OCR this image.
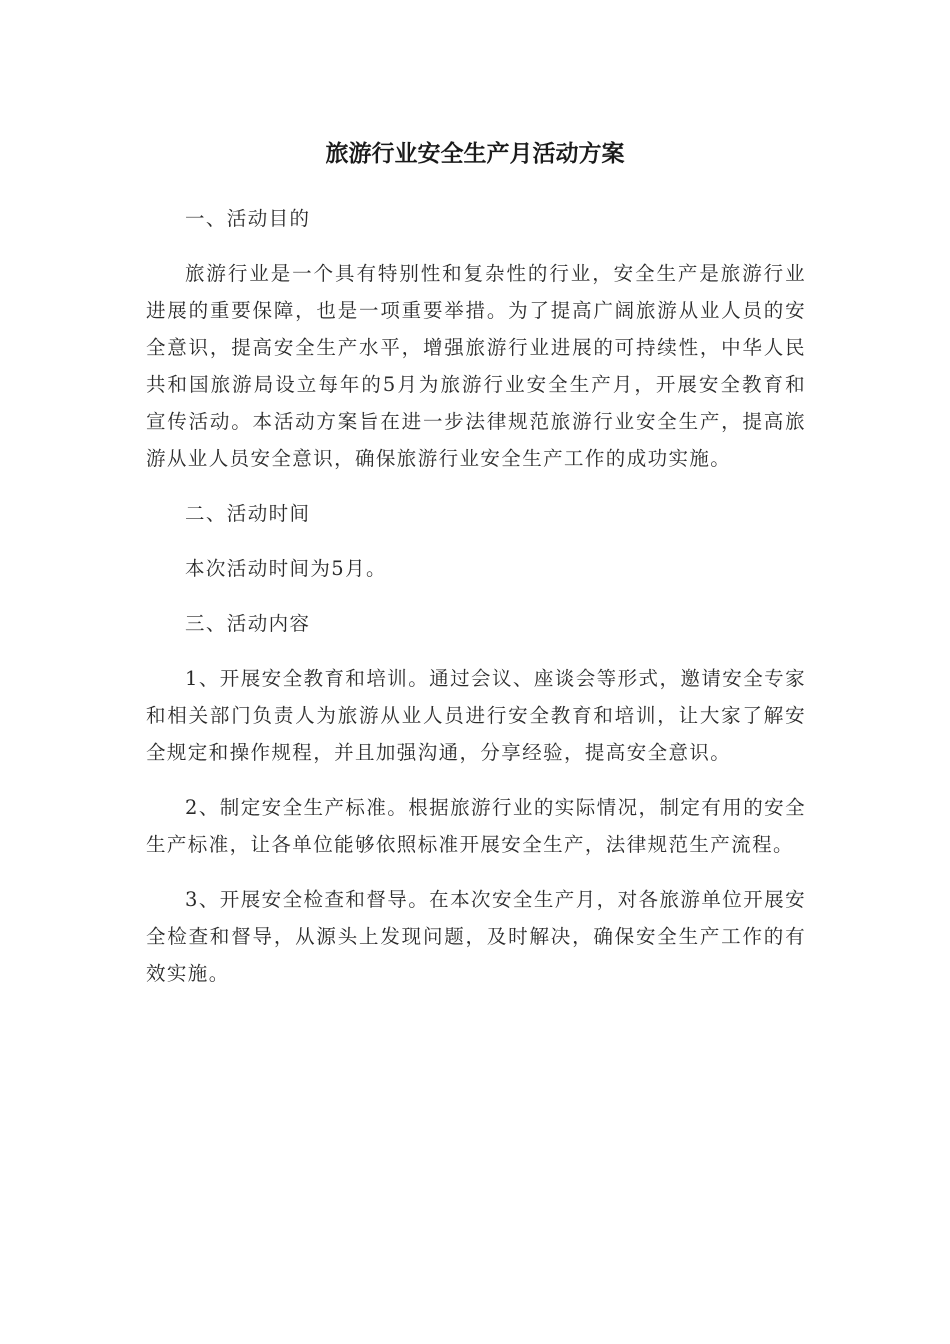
旅游行业安全生产月活动方案

一、活动目的

旅游行业是一个具有特别性和复杂性的行业，安全生产是旅游行业进展的重要保障，也是一项重要举措。为了提高广阔旅游从业人员的安全意识，提高安全生产水平，增强旅游行业进展的可持续性，中华人民共和国旅游局设立每年的5月为旅游行业安全生产月，开展安全教育和宣传活动。本活动方案旨在进一步法律规范旅游行业安全生产，提高旅游从业人员安全意识，确保旅游行业安全生产工作的成功实施。

二、活动时间

本次活动时间为5月。

三、活动内容

1、开展安全教育和培训。通过会议、座谈会等形式，邀请安全专家和相关部门负责人为旅游从业人员进行安全教育和培训，让大家了解安全规定和操作规程，并且加强沟通，分享经验，提高安全意识。

2、制定安全生产标准。根据旅游行业的实际情况，制定有用的安全生产标准，让各单位能够依照标准开展安全生产，法律规范生产流程。

3、开展安全检查和督导。在本次安全生产月，对各旅游单位开展安全检查和督导，从源头上发现问题，及时解决，确保安全生产工作的有效实施。
